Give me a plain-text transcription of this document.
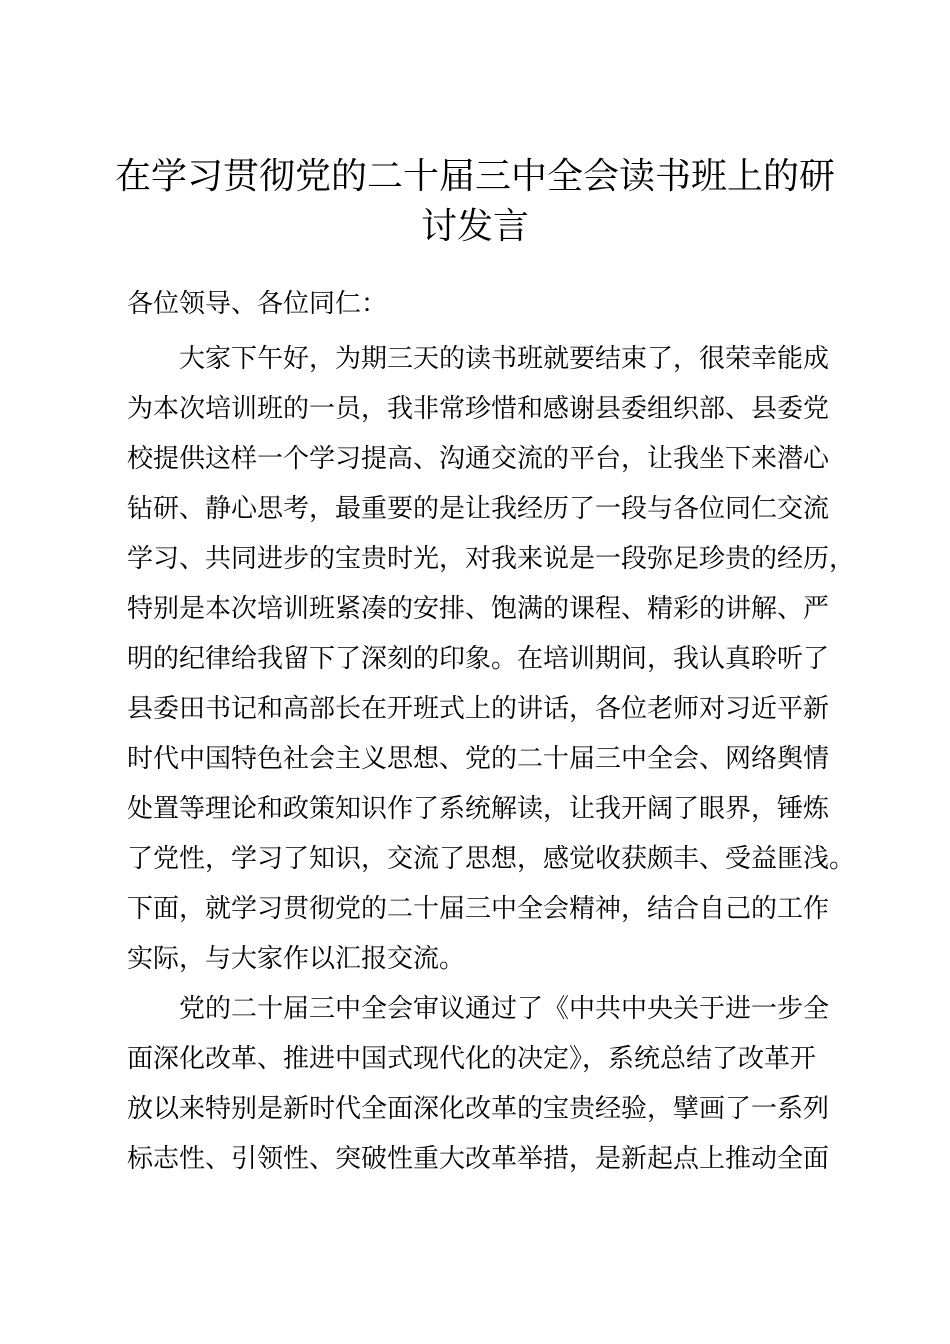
在学习贯彻党的二十届三中全会读书班上的研
讨发言

各位领导、各位同仁：

大家下午好，为期三天的读书班就要结束了，很荣幸能成
为本次培训班的一员，我非常珍惜和感谢县委组织部、县委党
校提供这样一个学习提高、沟通交流的平台，让我坐下来潜心
钻研、静心思考，最重要的是让我经历了一段与各位同仁交流
学习、共同进步的宝贵时光，对我来说是一段弥足珍贵的经历，
特别是本次培训班紧凑的安排、饱满的课程、精彩的讲解、严
明的纪律给我留下了深刻的印象。在培训期间，我认真聆听了
县委田书记和高部长在开班式上的讲话，各位老师对习近平新
时代中国特色社会主义思想、党的二十届三中全会、网络舆情
处置等理论和政策知识作了系统解读，让我开阔了眼界，锤炼
了党性，学习了知识，交流了思想，感觉收获颇丰、受益匪浅。
下面，就学习贯彻党的二十届三中全会精神，结合自己的工作
实际，与大家作以汇报交流。
党的二十届三中全会审议通过了《中共中央关于进一步全
面深化改革、推进中国式现代化的决定》，系统总结了改革开
放以来特别是新时代全面深化改革的宝贵经验，擘画了一系列
标志性、引领性、突破性重大改革举措，是新起点上推动全面
